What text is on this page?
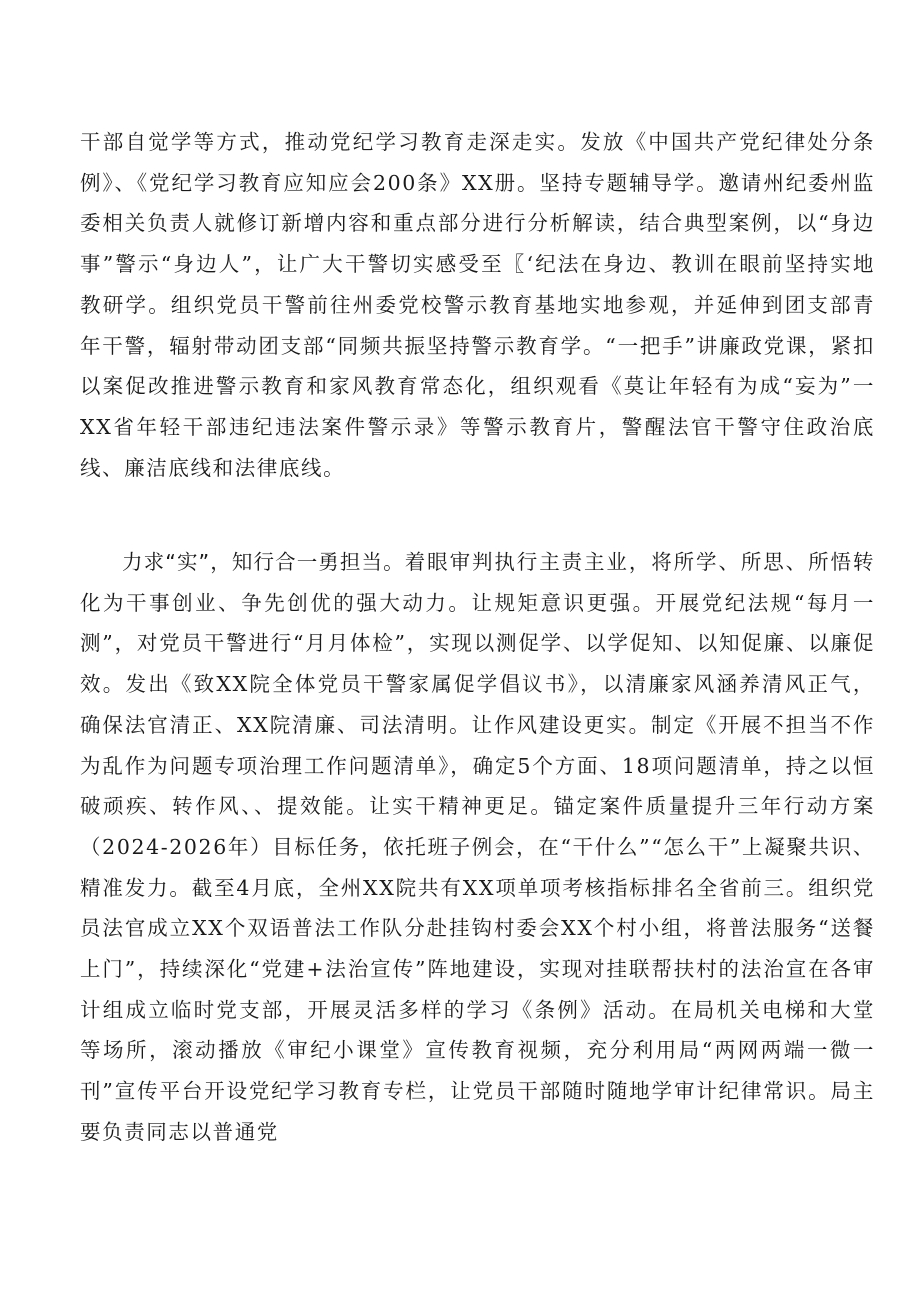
干部自觉学等方式，推动党纪学习教育走深走实。发放《中国共产党纪律处分条例》、《党纪学习教育应知应会200条》XX册。坚持专题辅导学。邀请州纪委州监委相关负责人就修订新增内容和重点部分进行分析解读，结合典型案例，以“身边事”警示“身边人”，让广大干警切实感受至〖‘纪法在身边、教训在眼前坚持实地教研学。组织党员干警前往州委党校警示教育基地实地参观，并延伸到团支部青年干警，辐射带动团支部“同频共振坚持警示教育学。“一把手”讲廉政党课，紧扣以案促改推进警示教育和家风教育常态化，组织观看《莫让年轻有为成“妄为”一XX省年轻干部违纪违法案件警示录》等警示教育片，警醒法官干警守住政治底线、廉洁底线和法律底线。

力求“实”，知行合一勇担当。着眼审判执行主责主业，将所学、所思、所悟转化为干事创业、争先创优的强大动力。让规矩意识更强。开展党纪法规“每月一测”，对党员干警进行“月月体检”，实现以测促学、以学促知、以知促廉、以廉促效。发出《致XX院全体党员干警家属促学倡议书》，以清廉家风涵养清风正气，确保法官清正、XX院清廉、司法清明。让作风建设更实。制定《开展不担当不作为乱作为问题专项治理工作问题清单》，确定5个方面、18项问题清单，持之以恒破顽疾、转作风、、提效能。让实干精神更足。锚定案件质量提升三年行动方案（2024-2026年）目标任务，依托班子例会，在“干什么”“怎么干”上凝聚共识、精准发力。截至4月底，全州XX院共有XX项单项考核指标排名全省前三。组织党员法官成立XX个双语普法工作队分赴挂钩村委会XX个村小组，将普法服务“送餐上门”，持续深化“党建+法治宣传”阵地建设，实现对挂联帮扶村的法治宣在各审计组成立临时党支部，开展灵活多样的学习《条例》活动。在局机关电梯和大堂等场所，滚动播放《审纪小课堂》宣传教育视频，充分利用局“两网两端一微一刊”宣传平台开设党纪学习教育专栏，让党员干部随时随地学审计纪律常识。局主要负责同志以普通党
